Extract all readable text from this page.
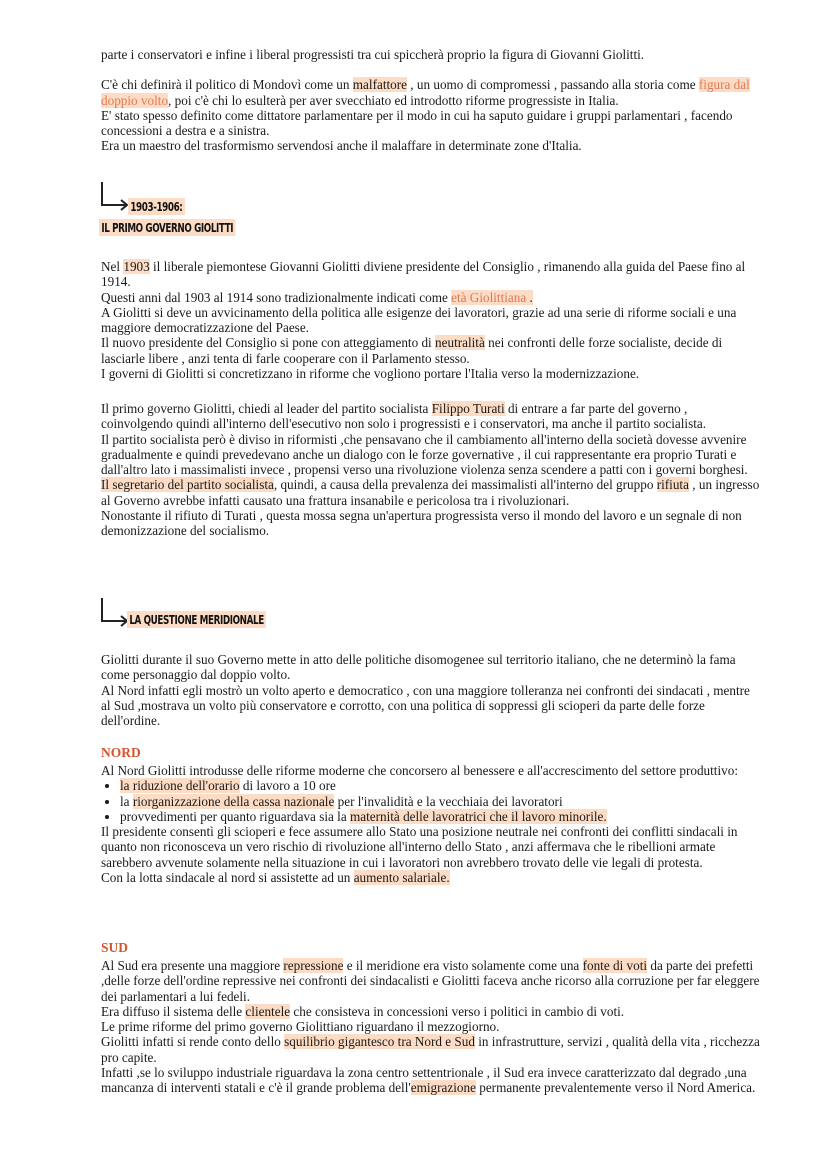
parte i conservatori e infine i liberal progressisti tra cui spiccherà proprio la figura di Giovanni Giolitti.

C'è chi definirà il politico di Mondovì come un malfattore , un uomo di compromessi , passando alla storia come figura dal doppio volto, poi c'è chi lo esulterà per aver svecchiato ed introdotto riforme progressiste in Italia.

E' stato spesso definito come dittatore parlamentare per il modo in cui ha saputo guidare i gruppi parlamentari , facendo concessioni a destra e a sinistra.

Era un maestro del trasformismo servendosi anche il malaffare in determinate zone d'Italia.

1903-1906:
IL PRIMO GOVERNO GIOLITTI

Nel 1903 il liberale piemontese Giovanni Giolitti diviene presidente del Consiglio , rimanendo alla guida del Paese fino al 1914.

Questi anni dal 1903 al 1914 sono tradizionalmente indicati come età Giolittiana .

A Giolitti si deve un avvicinamento della politica alle esigenze dei lavoratori, grazie ad una serie di riforme sociali e una maggiore democratizzazione del Paese.

Il nuovo presidente del Consiglio si pone con atteggiamento di neutralità nei confronti delle forze socialiste, decide di lasciarle libere , anzi tenta di farle cooperare con il Parlamento stesso.

I governi di Giolitti si concretizzano in riforme che vogliono portare l'Italia verso la modernizzazione.

Il primo governo Giolitti, chiedi al leader del partito socialista Filippo Turati di entrare a far parte del governo , coinvolgendo quindi all'interno dell'esecutivo non solo i progressisti e i conservatori, ma anche il partito socialista.

Il partito socialista però è diviso in riformisti ,che pensavano che il cambiamento all'interno della società dovesse avvenire gradualmente e quindi prevedevano anche un dialogo con le forze governative , il cui rappresentante era proprio Turati e dall'altro lato i massimalisti invece , propensi verso una rivoluzione violenza senza scendere a patti con i governi borghesi.

Il segretario del partito socialista, quindi, a causa della prevalenza dei massimalisti all'interno del gruppo rifiuta , un ingresso al Governo avrebbe infatti causato una frattura insanabile e pericolosa tra i rivoluzionari.

Nonostante il rifiuto di Turati , questa mossa segna un'apertura progressista verso il mondo del lavoro e un segnale di non demonizzazione del socialismo.

LA QUESTIONE MERIDIONALE

Giolitti durante il suo Governo mette in atto delle politiche disomogenee sul territorio italiano, che ne determinò la fama come personaggio dal doppio volto.

Al Nord infatti egli mostrò un volto aperto e democratico , con una maggiore tolleranza nei confronti dei sindacati , mentre al Sud ,mostrava un volto più conservatore e corrotto, con una politica di soppressi gli scioperi da parte delle forze dell'ordine.

NORD

Al Nord Giolitti introdusse delle riforme moderne che concorsero al benessere e all'accrescimento del settore produttivo:

• la riduzione dell'orario di lavoro a 10 ore
• la riorganizzazione della cassa nazionale per l'invalidità e la vecchiaia dei lavoratori
• provvedimenti per quanto riguardava sia la maternità delle lavoratrici che il lavoro minorile.

Il presidente consentì gli scioperi e fece assumere allo Stato una posizione neutrale nei confronti dei conflitti sindacali in quanto non riconosceva un vero rischio di rivoluzione all'interno dello Stato , anzi affermava che le ribellioni armate sarebbero avvenute solamente nella situazione in cui i lavoratori non avrebbero trovato delle vie legali di protesta.

Con la lotta sindacale al nord si assistette ad un aumento salariale.

SUD

Al Sud era presente una maggiore repressione e il meridione era visto solamente come una fonte di voti da parte dei prefetti ,delle forze dell'ordine repressive nei confronti dei sindacalisti e Giolitti faceva anche ricorso alla corruzione per far eleggere dei parlamentari a lui fedeli.

Era diffuso il sistema delle clientele che consisteva in concessioni verso i politici in cambio di voti.

Le prime riforme del primo governo Giolittiano riguardano il mezzogiorno.

Giolitti infatti si rende conto dello squilibrio gigantesco tra Nord e Sud in infrastrutture, servizi , qualità della vita , ricchezza pro capite.

Infatti ,se lo sviluppo industriale riguardava la zona centro settentrionale , il Sud era invece caratterizzato dal degrado ,una mancanza di interventi statali e c'è il grande problema dell'emigrazione permanente prevalentemente verso il Nord America.
